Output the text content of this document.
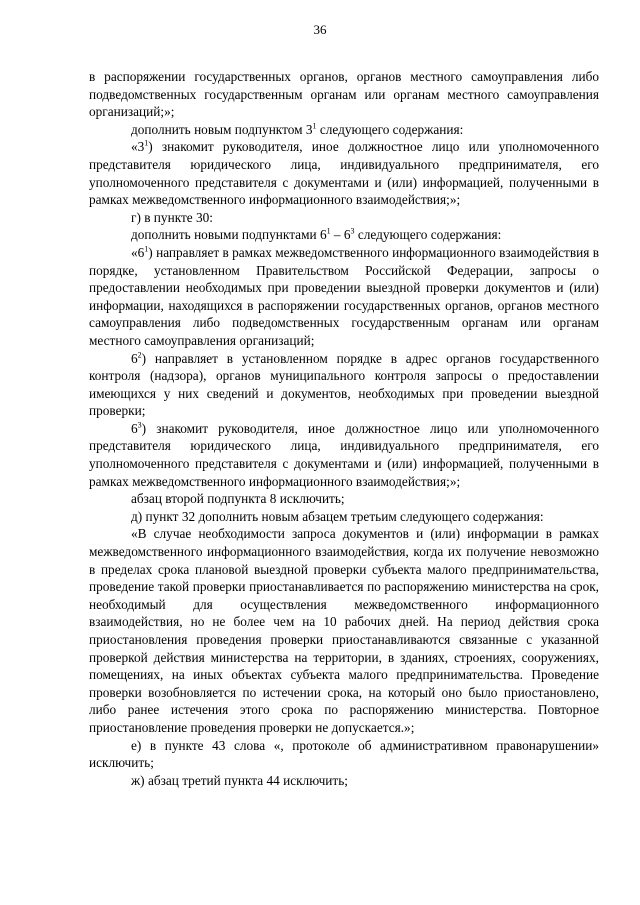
36

в распоряжении государственных органов, органов местного самоуправления либо подведомственных государственным органам или органам местного самоуправления организаций;»;

дополнить новым подпунктом $3^1$ следующего содержания:

«$3^1$) знакомит руководителя, иное должностное лицо или уполномоченного представителя юридического лица, индивидуального предпринимателя, его уполномоченного представителя с документами и (или) информацией, полученными в рамках межведомственного информационного взаимодействия;»;

г) в пункте 30:

дополнить новыми подпунктами $6^1 - 6^3$ следующего содержания:

«$6^1$) направляет в рамках межведомственного информационного взаимодействия в порядке, установленном Правительством Российской Федерации, запросы о предоставлении необходимых при проведении выездной проверки документов и (или) информации, находящихся в распоряжении государственных органов, органов местного самоуправления либо подведомственных государственным органам или органам местного самоуправления организаций;

$6^2$) направляет в установленном порядке в адрес органов государственного контроля (надзора), органов муниципального контроля запросы о предоставлении имеющихся у них сведений и документов, необходимых при проведении выездной проверки;

$6^3$) знакомит руководителя, иное должностное лицо или уполномоченного представителя юридического лица, индивидуального предпринимателя, его уполномоченного представителя с документами и (или) информацией, полученными в рамках межведомственного информационного взаимодействия;»;

абзац второй подпункта 8 исключить;

д) пункт 32 дополнить новым абзацем третьим следующего содержания:

«В случае необходимости запроса документов и (или) информации в рамках межведомственного информационного взаимодействия, когда их получение невозможно в пределах срока плановой выездной проверки субъекта малого предпринимательства, проведение такой проверки приостанавливается по распоряжению министерства на срок, необходимый для осуществления межведомственного информационного взаимодействия, но не более чем на 10 рабочих дней. На период действия срока приостановления проведения проверки приостанавливаются связанные с указанной проверкой действия министерства на территории, в зданиях, строениях, сооружениях, помещениях, на иных объектах субъекта малого предпринимательства. Проведение проверки возобновляется по истечении срока, на который оно было приостановлено, либо ранее истечения этого срока по распоряжению министерства. Повторное приостановление проведения проверки не допускается.»;

е) в пункте 43 слова «, протоколе об административном правонарушении» исключить;

ж) абзац третий пункта 44 исключить;
